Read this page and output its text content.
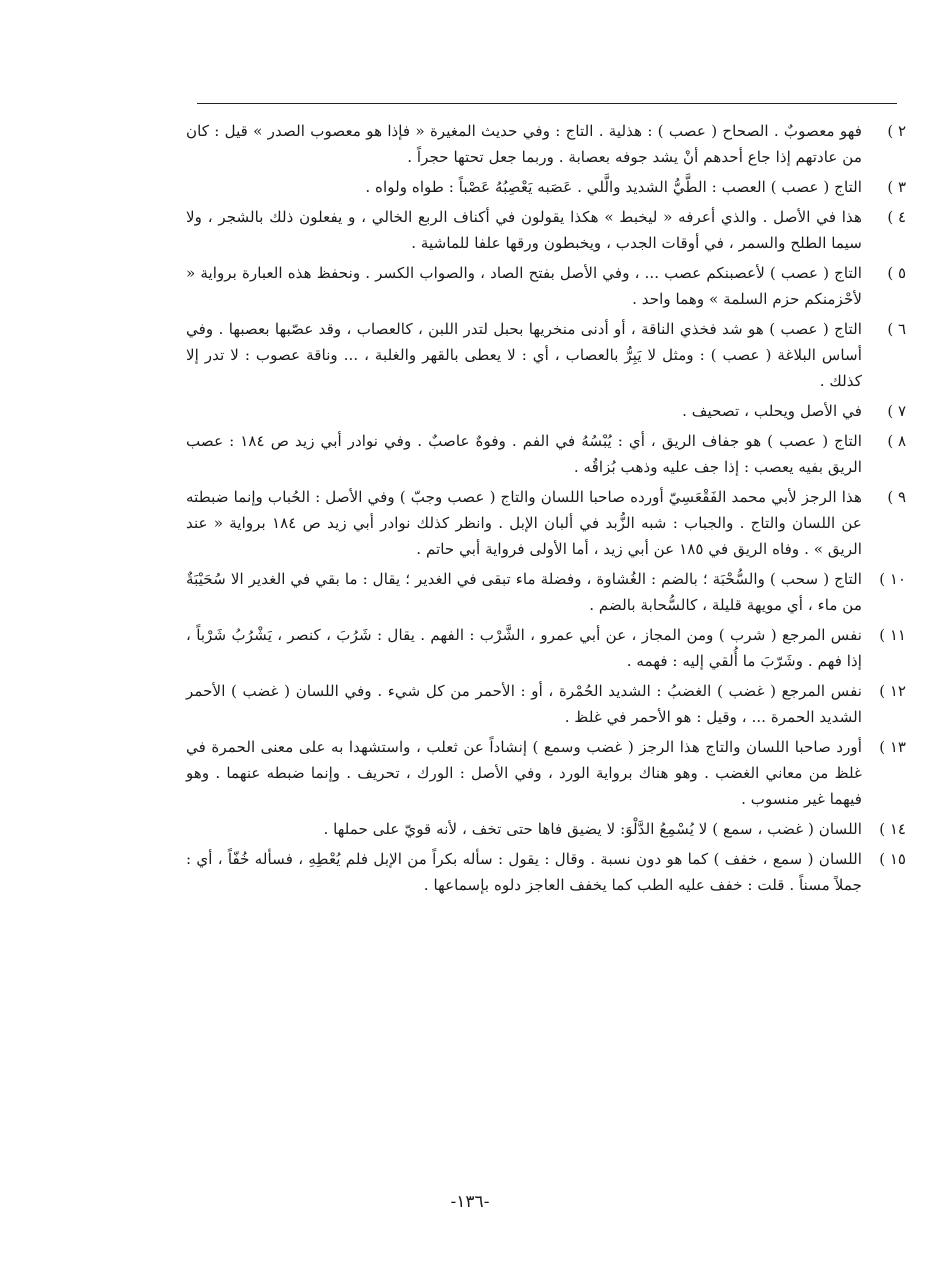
٢ )

فهو معصوبٌ . الصحاح ( عصب ) : هذلية . التاج : وفي حديث المغيرة « فإذا هو معصوب الصدر » قيل : كان من عادتهم إذا جاع أحدهم أنْ يشد جوفه بعصابة . وربما جعل تحتها حجراً .

٣ )

التاج ( عصب ) العصب : الطَّيُّ الشديد والَّلي . عَصَبه يَعْصِبُهُ عَصْباً : طواه ولواه .

٤ )

هذا في الأصل . والذي أعرفه « ليخبط » هكذا يقولون في أكناف الربع الخالي ، و يفعلون ذلك بالشجر ، ولا سيما الطلح والسمر ، في أوقات الجدب ، ويخبطون ورقها علفا للماشية .

٥ )

التاج ( عصب ) لأعصبنكم عصب ... ، وفي الأصل بفتح الصاد ، والصواب الكسر . ونحفظ هذه العبارة برواية « لأحْزمنكم حزم السلمة » وهما واحد .

٦ )

التاج ( عصب ) هو شد فخذي الناقة ، أو أدنى منخريها بحبل لتدر اللبن ، كالعصاب ، وقد عصّبها بعصبها . وفي أساس البلاغة ( عصب ) : ومثل لا يَبِرُّ بالعصاب ، أي : لا يعطى بالقهر والغلبة ، ... وناقة عصوب : لا تدر إلا كذلك .

٧ )

في الأصل ويحلب ، تصحيف .

٨ )

التاج ( عصب ) هو جفاف الريق ، أي : يُبْسُهُ في الفم . وفوهٌ عاصبٌ . وفي نوادر أبي زيد ص ١٨٤ : عصب الريق بفيه يعصب : إذا جف عليه وذهب بُزاقُه .

٩ )

هذا الرجز لأبي محمد الفَقْعَسِيّ أورده صاحبا اللسان والتاج ( عصب وجبّ ) وفي الأصل : الحُباب وإنما ضبطته عن اللسان والتاج . والجباب : شبه الزُّبد في ألبان الإبل . وانظر كذلك نوادر أبي زيد ص ١٨٤ برواية « عند الريق » . وفاه الريق في ١٨٥ عن أبي زيد ، أما الأولى فرواية أبي حاتم .

١٠ )

التاج ( سحب ) والسُّحْبَة ؛ بالضم : الغُشاوة ، وفضلة ماء تبقى في الغدير ؛ يقال : ما بقي في الغدير الا سُحَيْبَةٌ من ماء ، أي مويهة قليلة ، كالسُّحابة بالضم .

١١ )

نفس المرجع ( شرب ) ومن المجاز ، عن أبي عمرو ، الشَّرْب : الفهم . يقال : شَرُبَ ، كنصر ، يَشْرُبُ شَرْباً ، إذا فهم . وشَرّبَ ما أُلقي إليه : فهمه .

١٢ )

نفس المرجع ( غضب ) الغضبُ : الشديد الحُمْرة ، أو : الأحمر من كل شيء . وفي اللسان ( غضب ) الأحمر الشديد الحمرة ... ، وقيل : هو الأحمر في غلظ .

١٣ )

أورد صاحبا اللسان والتاج هذا الرجز ( غضب وسمع ) إنشاداً عن ثعلب ، واستشهدا به على معنى الحمرة في غلظ من معاني الغضب . وهو هناك برواية الورد ، وفي الأصل : الورك ، تحريف . وإنما ضبطه عنهما . وهو فيهما غير منسوب .

١٤ )

اللسان ( غضب ، سمع ) لا يُسْمِعُ الدَّلْوَ: لا يضيق فاها حتى تخف ، لأنه قويّ على حملها .

١٥ )

اللسان ( سمع ، خفف ) كما هو دون نسبة . وقال : يقول : سأله بكراً من الإبل فلم يُعْطِهِ ، فسأله خُفّاً ، أي : جملاً مسناً . قلت : خفف عليه الطب كما يخفف العاجز دلوه بإسماعها .

-١٣٦-
